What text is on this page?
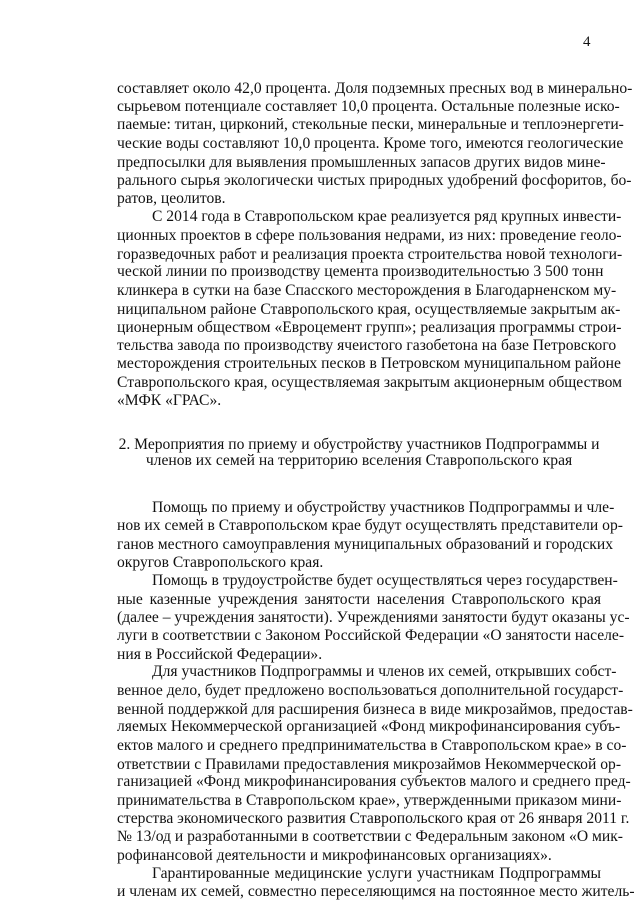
4

составляет около 42,0 процента. Доля подземных пресных вод в минерально-

сырьевом потенциале составляет 10,0 процента. Остальные полезные иско-

паемые: титан, цирконий, стекольные пески, минеральные и теплоэнергети-

ческие воды составляют 10,0 процента. Кроме того, имеются геологические

предпосылки для выявления промышленных запасов других видов мине-

рального сырья экологически чистых природных удобрений фосфоритов, бо-

ратов, цеолитов.

С 2014 года в Ставропольском крае реализуется ряд крупных инвести-

ционных проектов в сфере пользования недрами, из них: проведение геоло-

горазведочных работ и реализация проекта строительства новой технологи-

ческой линии по производству цемента производительностью 3 500 тонн

клинкера в сутки на базе Спасского месторождения в Благодарненском му-

ниципальном районе Ставропольского края, осуществляемые закрытым ак-

ционерным обществом «Евроцемент групп»; реализация программы строи-

тельства завода по производству ячеистого газобетона на базе Петровского

месторождения строительных песков в Петровском муниципальном районе

Ставропольского края, осуществляемая закрытым акционерным обществом

«МФК «ГРАС».

2. Мероприятия по приему и обустройству участников Подпрограммы и
членов их семей на территорию вселения Ставропольского края

Помощь по приему и обустройству участников Подпрограммы и чле-

нов их семей в Ставропольском крае будут осуществлять представители ор-

ганов местного самоуправления муниципальных образований и городских

округов Ставропольского края.

Помощь в трудоустройстве будет осуществляться через государствен-

ные казенные учреждения занятости населения Ставропольского края

(далее – учреждения занятости). Учреждениями занятости будут оказаны ус-

луги в соответствии с Законом Российской Федерации «О занятости населе-

ния в Российской Федерации».

Для участников Подпрограммы и членов их семей, открывших собст-

венное дело, будет предложено воспользоваться дополнительной государст-

венной поддержкой для расширения бизнеса в виде микрозаймов, предостав-

ляемых Некоммерческой организацией «Фонд микрофинансирования субъ-

ектов малого и среднего предпринимательства в Ставропольском крае» в со-

ответствии с Правилами предоставления микрозаймов Некоммерческой ор-

ганизацией «Фонд микрофинансирования субъектов малого и среднего пред-

принимательства в Ставропольском крае», утвержденными приказом мини-

стерства экономического развития Ставропольского края от 26 января 2011 г.

№ 13/од и разработанными в соответствии с Федеральным законом «О мик-

рофинансовой деятельности и микрофинансовых организациях».

Гарантированные медицинские услуги участникам Подпрограммы

и членам их семей, совместно переселяющимся на постоянное место житель-
